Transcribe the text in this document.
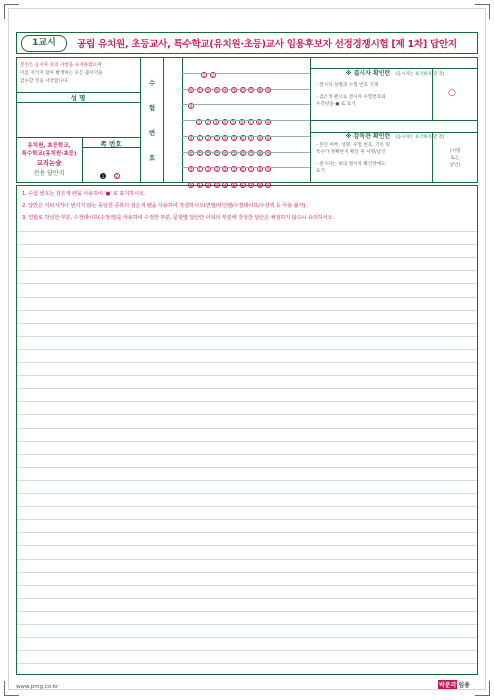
1교시	공립 유치원, 초등교사, 특수학교(유치원·초등)교사 임용후보자 선정경쟁시험 [제 1차] 답안지
본인은 응시자 유의 사항을 숙지하였으며
이를 지키지 않아 발생하는 모든 불이익을
감수할 것을 서약합니다.
성 명
유치원, 초등학교,
특수학교(유치원·초등)
교직논술
전용 답안지
쪽 번호
1	2
수
험
번
호
1 2
0 1 2 3 4 5 6 7 8 9
0
1 2 3 4 5 6 7 8 9
0 1 2 3 4 5 6 7 8 9
0 1 2 3 4 5 6 7 8 9
0 1 2 3 4 5 6 7 8 9
0 1 2 3 4 5 6 7 8 9
※ 결시자 확인란 (응시자는 표기하지 말 것)
- 결시자 성명과 수험 번호 기재
- 검은색 펜으로 결시자 수험번호와
우측란을 ● 로 표기
○
※ 감독관 확인란 (응시자는 표기하지 말 것)
- 본인 여부, 성명, 수험 번호, 기록 및
특수가 정확한지 확인 후 서명/날인
- 결시자는 위의 결시자 확인란에도
표기
(서명
또는
날인)
1. 수험 번호는 검은색 펜을 사용하여 '●' 로 표기하시오.
2. 답안은 지워지거나 번지지 않는 동일한 종류의 검은색 펜을 사용하여 작성하시오(연필/사인펜/수정테이프/수정액 등 사용 불가).
3. 연필로 작성한 부분, 수정테이프(수정액)를 사용하여 수정한 부분, 문항별 답안란 이외의 부분에 작성한 답안은 채점하지 않으니 유의하시오.
www.pmg.co.kr	박문각 임용
